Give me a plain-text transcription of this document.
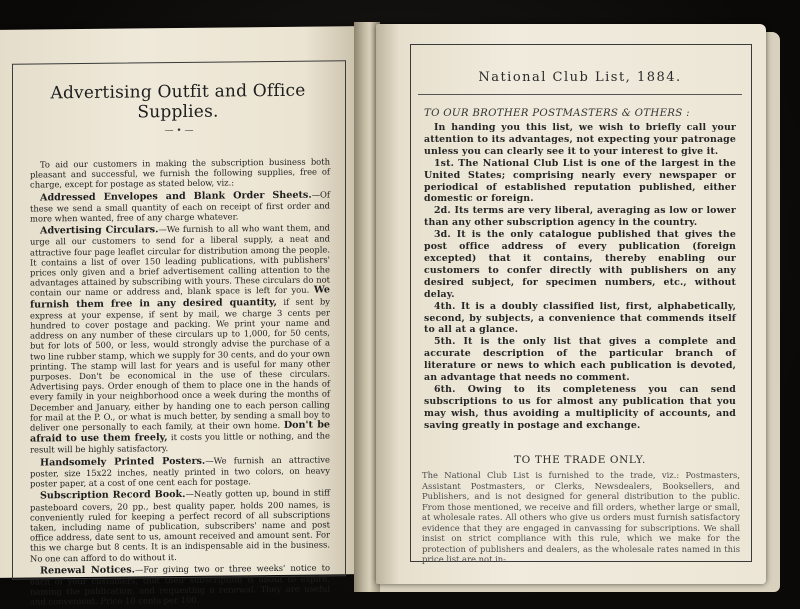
Advertising Outfit and Office Supplies.
— • —

To aid our customers in making the subscription business both pleasant and successful, we furnish the following supplies, free of charge, except for postage as stated below, viz.:

Addressed Envelopes and Blank Order Sheets.—Of these we send a small quantity of each on receipt of first order and more when wanted, free of any charge whatever.

Advertising Circulars.—We furnish to all who want them, and urge all our customers to send for a liberal supply, a neat and attractive four page leaflet circular for distribution among the people. It contains a list of over 150 leading publications, with publishers' prices only given and a brief advertisement calling attention to the advantages attained by subscribing with yours. These circulars do not contain our name or address and, blank space is left for you. We furnish them free in any desired quantity, if sent by express at your expense, if sent by mail, we charge 3 cents per hundred to cover postage and packing. We print your name and address on any number of these circulars up to 1,000, for 50 cents, but for lots of 500, or less, would strongly advise the purchase of a two line rubber stamp, which we supply for 30 cents, and do your own printing. The stamp will last for years and is useful for many other purposes. Don't be economical in the use of these circulars. Advertising pays. Order enough of them to place one in the hands of every family in your neighborhood once a week during the months of December and January, either by handing one to each person calling for mail at the P. O., or what is much better, by sending a small boy to deliver one personally to each family, at their own home. Don't be afraid to use them freely, it costs you little or nothing, and the result will be highly satisfactory.

Handsomely Printed Posters.—We furnish an attractive poster, size 15x22 inches, neatly printed in two colors, on heavy poster paper, at a cost of one cent each for postage.

Subscription Record Book.—Neatly gotten up, bound in stiff pasteboard covers, 20 pp., best quality paper, holds 200 names, is conveniently ruled for keeping a perfect record of all subscriptions taken, including name of publication, subscribers' name and post office address, date sent to us, amount received and amount sent. For this we charge but 8 cents. It is an indispensable aid in the business. No one can afford to do without it.

Renewal Notices.—For giving two or three weeks' notice to each of your customers, that their subscription is about to expire, naming the publication, and requesting a renewal. They are useful and convenient. Price 10 cents per 100.

National Club List, 1884.
TO OUR BROTHER POSTMASTERS & OTHERS :

In handing you this list, we wish to briefly call your attention to its advantages, not expecting your patronage unless you can clearly see it to your interest to give it.

1st. The National Club List is one of the largest in the United States; comprising nearly every newspaper or periodical of established reputation published, either domestic or foreign.

2d. Its terms are very liberal, averaging as low or lower than any other subscription agency in the country.

3d. It is the only catalogue published that gives the post office address of every publication (foreign excepted) that it contains, thereby enabling our customers to confer directly with publishers on any desired subject, for specimen numbers, etc., without delay.

4th. It is a doubly classified list, first, alphabetically, second, by subjects, a convenience that commends itself to all at a glance.

5th. It is the only list that gives a complete and accurate description of the particular branch of literature or news to which each publication is devoted, an advantage that needs no comment.

6th. Owing to its completeness you can send subscriptions to us for almost any publication that you may wish, thus avoiding a multiplicity of accounts, and saving greatly in postage and exchange.

TO THE TRADE ONLY.
The National Club List is furnished to the trade, viz.: Postmasters, Assistant Postmasters, or Clerks, Newsdealers, Booksellers, and Publishers, and is not designed for general distribution to the public. From those mentioned, we receive and fill orders, whether large or small, at wholesale rates. All others who give us orders must furnish satisfactory evidence that they are engaged in canvassing for subscriptions. We shall insist on strict compliance with this rule, which we make for the protection of publishers and dealers, as the wholesale rates named in this price list are not in-
